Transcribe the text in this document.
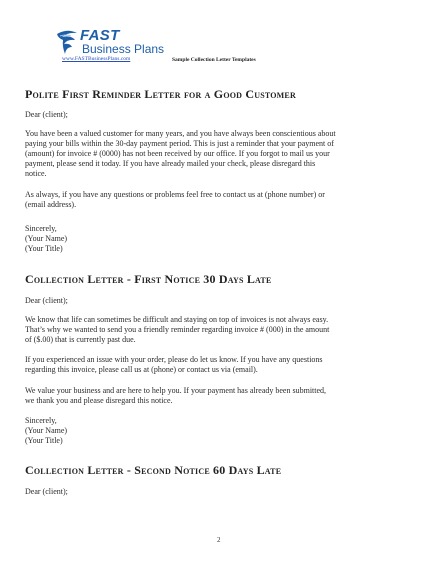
FAST
Business Plans
www.FASTBusinessPlans.com	Sample Collection Letter Templates
Polite First Reminder Letter for a Good Customer

Dear (client);

You have been a valued customer for many years, and you have always been conscientious about

paying your bills within the 30-day payment period. This is just a reminder that your payment of

(amount) for invoice # (0000) has not been received by our office. If you forgot to mail us your

payment, please send it today. If you have already mailed your check, please disregard this

notice.

As always, if you have any questions or problems feel free to contact us at (phone number) or

(email address).

Sincerely,

(Your Name)

(Your Title)

Collection Letter - First Notice 30 Days Late

Dear (client);

We know that life can sometimes be difficult and staying on top of invoices is not always easy.

That’s why we wanted to send you a friendly reminder regarding invoice # (000) in the amount

of ($.00) that is currently past due.

If you experienced an issue with your order, please do let us know. If you have any questions

regarding this invoice, please call us at (phone) or contact us via (email).

We value your business and are here to help you. If your payment has already been submitted,

we thank you and please disregard this notice.

Sincerely,

(Your Name)

(Your Title)

Collection Letter - Second Notice 60 Days Late

Dear (client);

2
